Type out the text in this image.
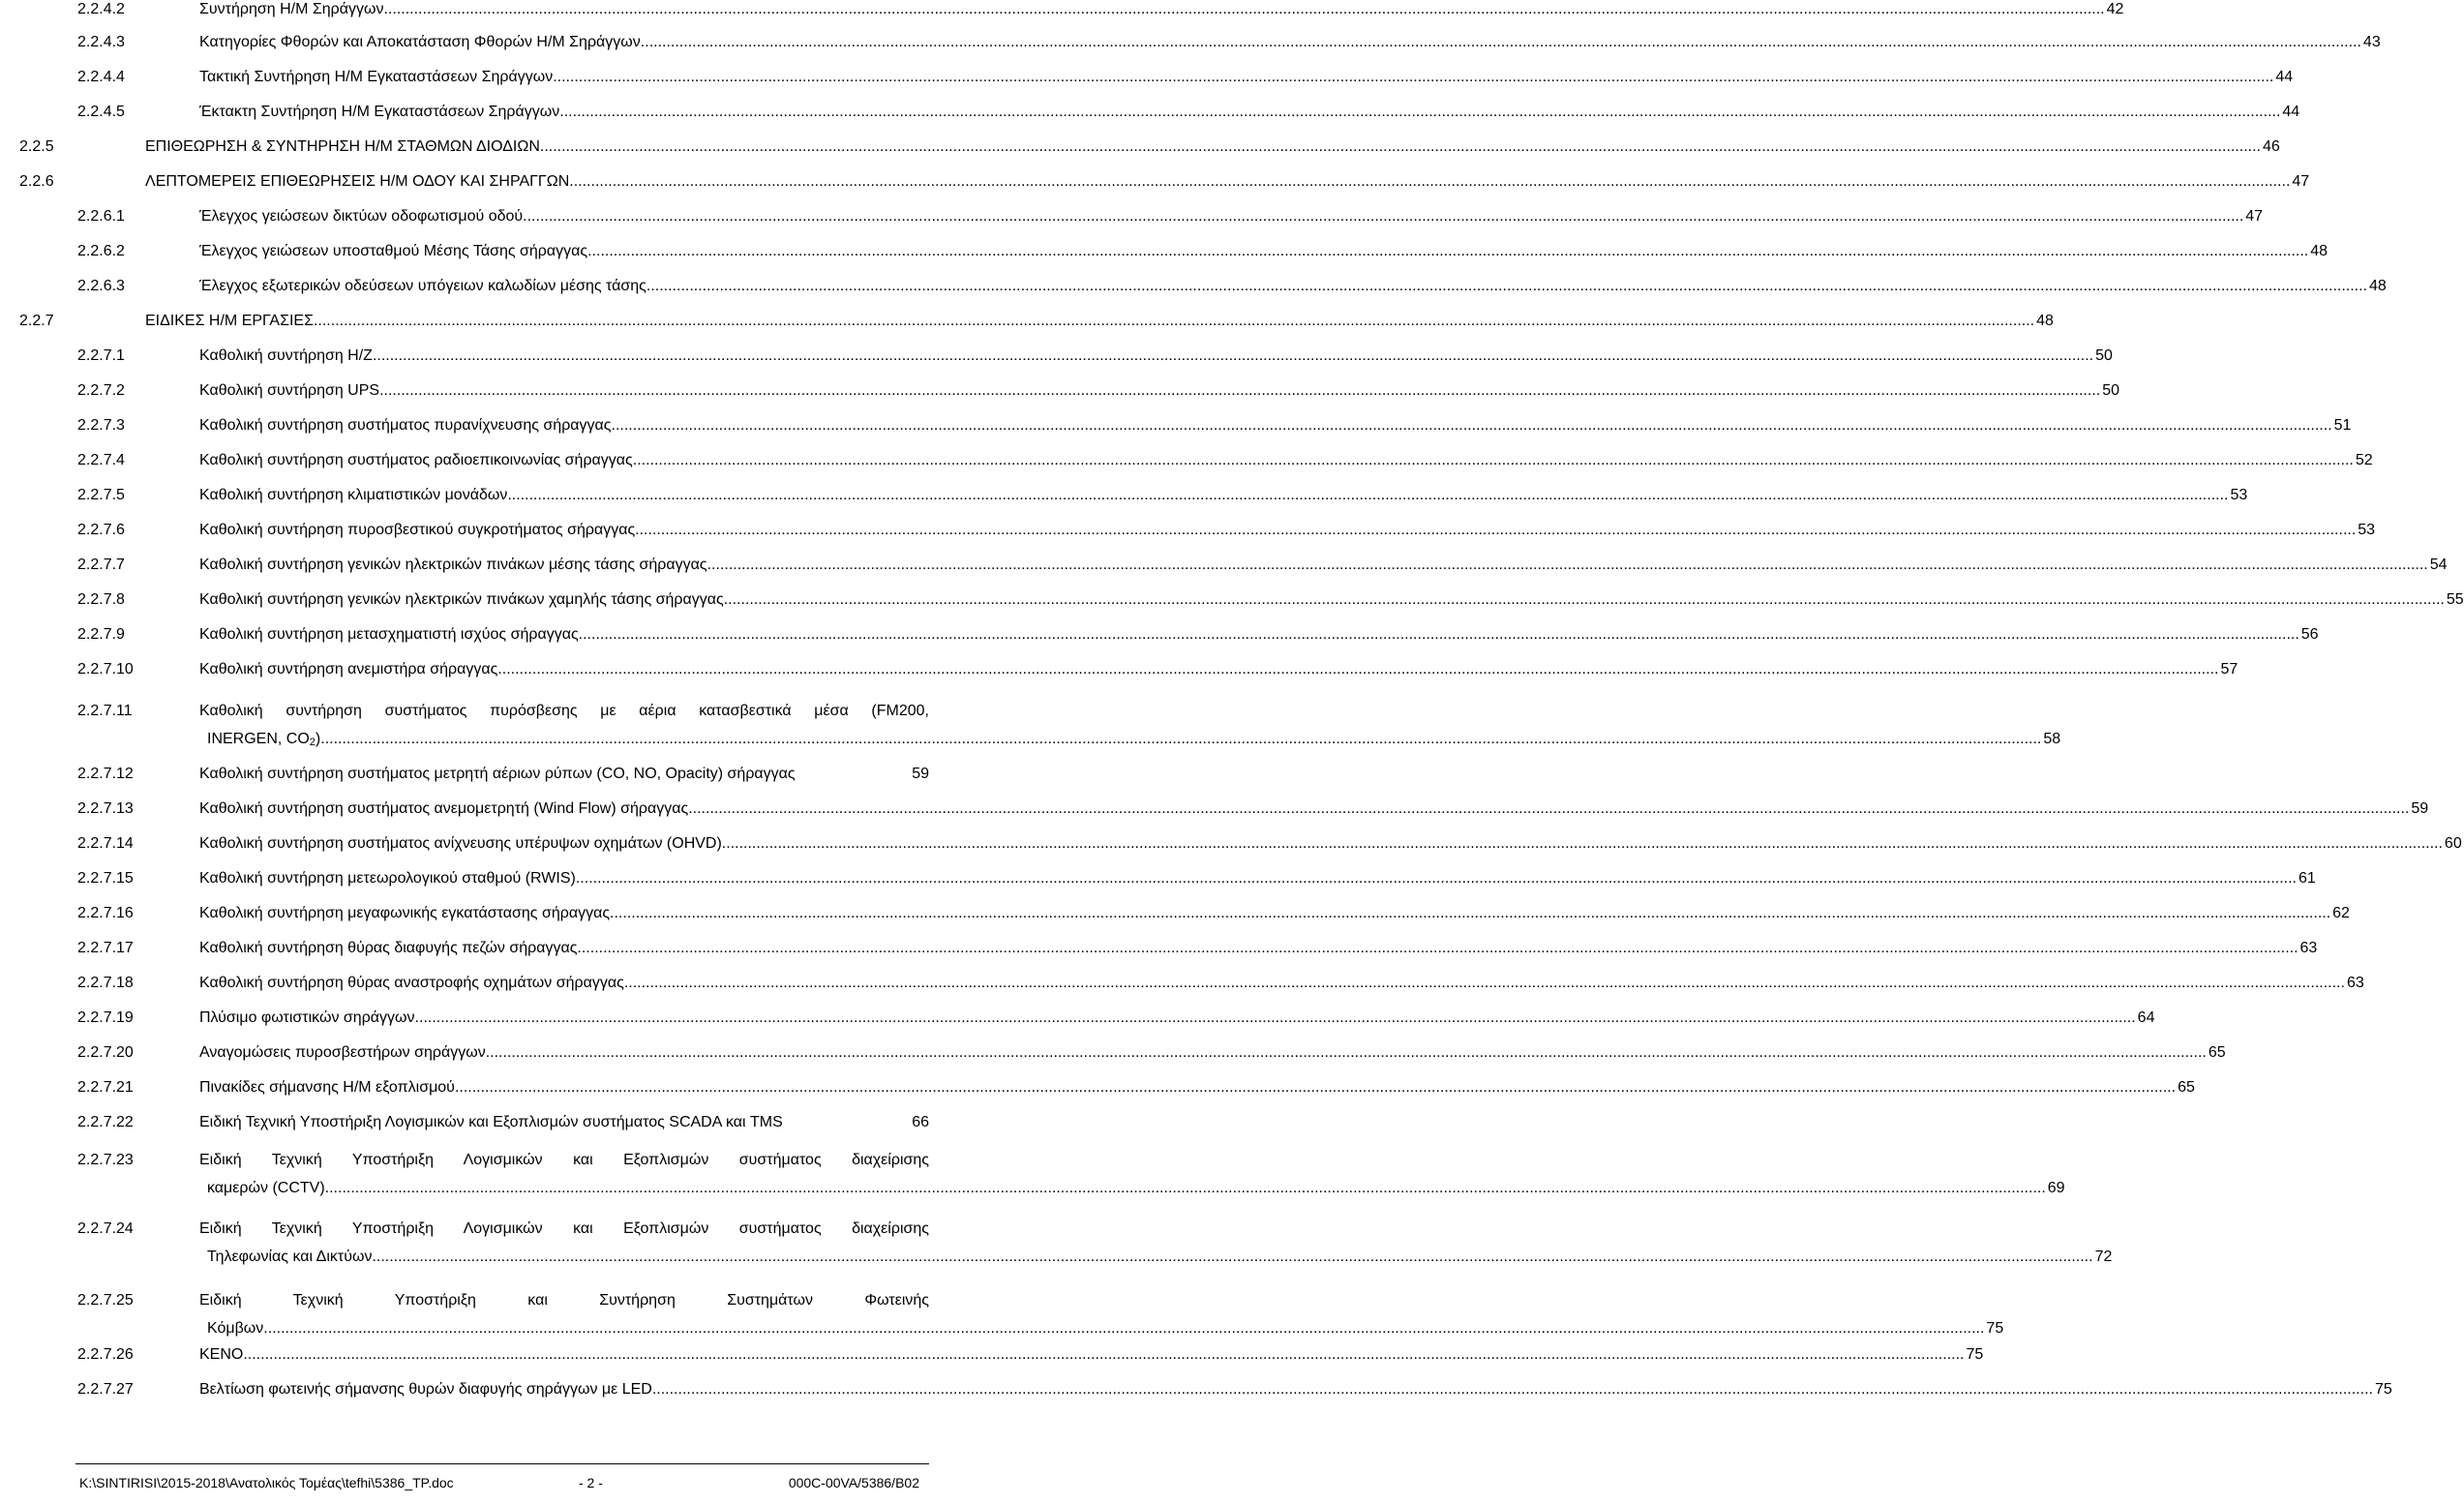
2.2.4.2	Συντήρηση Η/Μ Σηράγγων ................................................................................................................................................................................................................................................................................................................................................................................................................ 42
2.2.4.3	Κατηγορίες Φθορών και Αποκατάσταση Φθορών Η/Μ Σηράγγων ................................................................................................................................................................................................................................................................................................................................................................................................................ 43
2.2.4.4	Τακτική Συντήρηση Η/Μ Εγκαταστάσεων Σηράγγων ................................................................................................................................................................................................................................................................................................................................................................................................................ 44
2.2.4.5	Έκτακτη Συντήρηση Η/Μ Εγκαταστάσεων Σηράγγων ................................................................................................................................................................................................................................................................................................................................................................................................................ 44
2.2.5	ΕΠΙΘΕΩΡΗΣΗ & ΣΥΝΤΗΡΗΣΗ Η/Μ ΣΤΑΘΜΩΝ ΔΙΟΔΙΩΝ ................................................................................................................................................................................................................................................................................................................................................................................................................ 46
2.2.6	ΛΕΠΤΟΜΕΡΕΙΣ ΕΠΙΘΕΩΡΗΣΕΙΣ Η/Μ ΟΔΟΥ ΚΑΙ ΣΗΡΑΓΓΩΝ ................................................................................................................................................................................................................................................................................................................................................................................................................ 47
2.2.6.1	Έλεγχος γειώσεων δικτύων οδοφωτισμού οδού ................................................................................................................................................................................................................................................................................................................................................................................................................ 47
2.2.6.2	Έλεγχος γειώσεων υποσταθμού Μέσης Τάσης σήραγγας ................................................................................................................................................................................................................................................................................................................................................................................................................ 48
2.2.6.3	Έλεγχος εξωτερικών οδεύσεων υπόγειων καλωδίων μέσης τάσης ................................................................................................................................................................................................................................................................................................................................................................................................................ 48
2.2.7	ΕΙΔΙΚΕΣ Η/Μ ΕΡΓΑΣΙΕΣ ................................................................................................................................................................................................................................................................................................................................................................................................................ 48
2.2.7.1	Καθολική συντήρηση Η/Ζ ................................................................................................................................................................................................................................................................................................................................................................................................................ 50
2.2.7.2	Καθολική συντήρηση UPS ................................................................................................................................................................................................................................................................................................................................................................................................................ 50
2.2.7.3	Καθολική συντήρηση συστήματος πυρανίχνευσης σήραγγας ................................................................................................................................................................................................................................................................................................................................................................................................................ 51
2.2.7.4	Καθολική συντήρηση συστήματος ραδιοεπικοινωνίας σήραγγας ................................................................................................................................................................................................................................................................................................................................................................................................................ 52
2.2.7.5	Καθολική συντήρηση κλιματιστικών μονάδων ................................................................................................................................................................................................................................................................................................................................................................................................................ 53
2.2.7.6	Καθολική συντήρηση πυροσβεστικού συγκροτήματος σήραγγας ................................................................................................................................................................................................................................................................................................................................................................................................................ 53
2.2.7.7	Καθολική συντήρηση γενικών ηλεκτρικών πινάκων μέσης τάσης σήραγγας ................................................................................................................................................................................................................................................................................................................................................................................................................ 54
2.2.7.8	Καθολική συντήρηση γενικών ηλεκτρικών πινάκων χαμηλής τάσης σήραγγας ................................................................................................................................................................................................................................................................................................................................................................................................................ 55
2.2.7.9	Καθολική συντήρηση μετασχηματιστή ισχύος σήραγγας ................................................................................................................................................................................................................................................................................................................................................................................................................ 56
2.2.7.10	Καθολική συντήρηση ανεμιστήρα σήραγγας ................................................................................................................................................................................................................................................................................................................................................................................................................ 57
2.2.7.11	Καθολική συντήρηση συστήματος πυρόσβεσης με αέρια κατασβεστικά μέσα (FM200,
INERGEN, $CO_2$) ................................................................................................................................................................................................................................................................................................................................................................................................................ 58
2.2.7.12	Καθολική συντήρηση συστήματος μετρητή αέριων ρύπων (CO, NO, Opacity) σήραγγας	59
2.2.7.13	Καθολική συντήρηση συστήματος ανεμομετρητή (Wind Flow) σήραγγας ................................................................................................................................................................................................................................................................................................................................................................................................................ 59
2.2.7.14	Καθολική συντήρηση συστήματος ανίχνευσης υπέρυψων οχημάτων (OHVD) ................................................................................................................................................................................................................................................................................................................................................................................................................ 60
2.2.7.15	Καθολική συντήρηση μετεωρολογικού σταθμού (RWIS) ................................................................................................................................................................................................................................................................................................................................................................................................................ 61
2.2.7.16	Καθολική συντήρηση μεγαφωνικής εγκατάστασης σήραγγας ................................................................................................................................................................................................................................................................................................................................................................................................................ 62
2.2.7.17	Καθολική συντήρηση θύρας διαφυγής πεζών σήραγγας ................................................................................................................................................................................................................................................................................................................................................................................................................ 63
2.2.7.18	Καθολική συντήρηση θύρας αναστροφής οχημάτων σήραγγας ................................................................................................................................................................................................................................................................................................................................................................................................................ 63
2.2.7.19	Πλύσιμο φωτιστικών σηράγγων ................................................................................................................................................................................................................................................................................................................................................................................................................ 64
2.2.7.20	Αναγομώσεις πυροσβεστήρων σηράγγων ................................................................................................................................................................................................................................................................................................................................................................................................................ 65
2.2.7.21	Πινακίδες σήμανσης Η/Μ εξοπλισμού ................................................................................................................................................................................................................................................................................................................................................................................................................ 65
2.2.7.22	Ειδική Τεχνική Υποστήριξη Λογισμικών και Εξοπλισμών συστήματος SCADA και TMS	66
2.2.7.23	Ειδική Τεχνική Υποστήριξη Λογισμικών και Εξοπλισμών συστήματος διαχείρισης
καμερών (CCTV) ................................................................................................................................................................................................................................................................................................................................................................................................................ 69
2.2.7.24	Ειδική Τεχνική Υποστήριξη Λογισμικών και Εξοπλισμών συστήματος διαχείρισης
Τηλεφωνίας και Δικτύων ................................................................................................................................................................................................................................................................................................................................................................................................................ 72
2.2.7.25	Ειδική Τεχνική Υποστήριξη και Συντήρηση Συστημάτων Φωτεινής
Κόμβων ................................................................................................................................................................................................................................................................................................................................................................................................................ 75
2.2.7.26	ΚΕΝΟ ................................................................................................................................................................................................................................................................................................................................................................................................................ 75
2.2.7.27	Βελτίωση φωτεινής σήμανσης θυρών διαφυγής σηράγγων με LED ................................................................................................................................................................................................................................................................................................................................................................................................................ 75
K:\SINTIRISI\2015-2018\Ανατολικός Τομέας\tefhi\5386_TP.doc	- 2 -	000C-00VA/5386/B02
